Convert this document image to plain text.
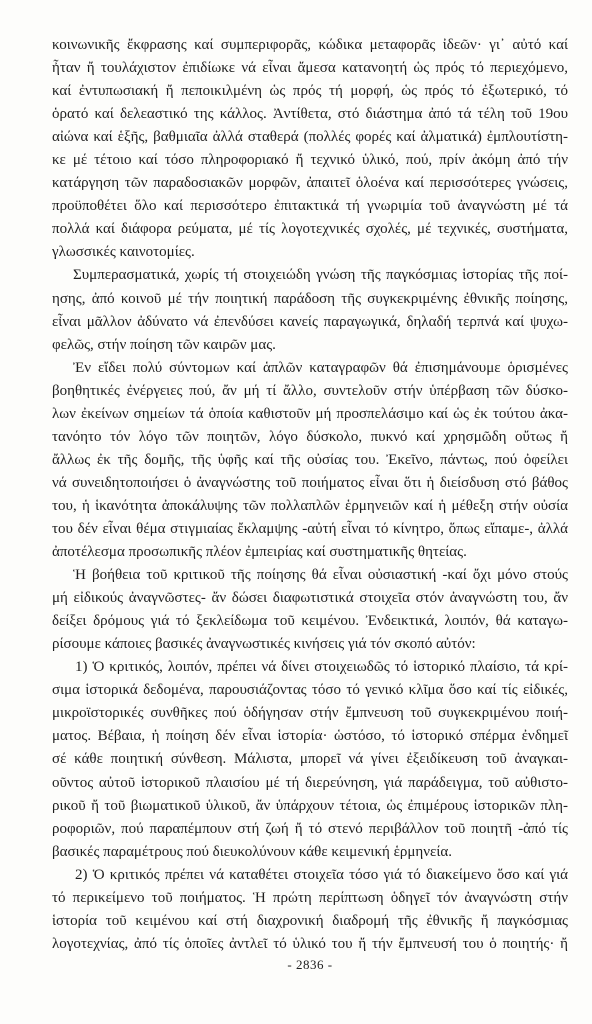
κοινωνικῆς ἔκφρασης καί συμπεριφορᾶς, κώδικα μεταφορᾶς ἰδεῶν· γι᾽ αὐτό καί
ἦταν ἤ τουλάχιστον ἐπιδίωκε νά εἶναι ἄμεσα κατανοητή ὡς πρός τό περιεχόμενο,
καί ἐντυπωσιακή ἤ πεποικιλμένη ὡς πρός τή μορφή, ὡς πρός τό ἐξωτερικό, τό
ὁρατό καί δελεαστικό της κάλλος. Ἀντίθετα, στό διάστημα ἀπό τά τέλη τοῦ 19ου
αἰώνα καί ἑξῆς, βαθμιαῖα ἀλλά σταθερά (πολλές φορές καί ἀλματικά) ἐμπλουτίστη-
κε μέ τέτοιο καί τόσο πληροφοριακό ἤ τεχνικό ὑλικό, πού, πρίν ἀκόμη ἀπό τήν
κατάργηση τῶν παραδοσιακῶν μορφῶν, ἀπαιτεῖ ὁλοένα καί περισσότερες γνώσεις,
προϋποθέτει ὅλο καί περισσότερο ἐπιτακτικά τή γνωριμία τοῦ ἀναγνώστη μέ τά
πολλά καί διάφορα ρεύματα, μέ τίς λογοτεχνικές σχολές, μέ τεχνικές, συστήματα,
γλωσσικές καινοτομίες.
Συμπερασματικά, χωρίς τή στοιχειώδη γνώση τῆς παγκόσμιας ἱστορίας τῆς ποί-
ησης, ἀπό κοινοῦ μέ τήν ποιητική παράδοση τῆς συγκεκριμένης ἐθνικῆς ποίησης,
εἶναι μᾶλλον ἀδύνατο νά ἐπενδύσει κανείς παραγωγικά, δηλαδή τερπνά καί ψυχω-
φελῶς, στήν ποίηση τῶν καιρῶν μας.
Ἐν εἴδει πολύ σύντομων καί ἁπλῶν καταγραφῶν θά ἐπισημάνουμε ὁρισμένες
βοηθητικές ἐνέργειες πού, ἄν μή τί ἄλλο, συντελοῦν στήν ὑπέρβαση τῶν δύσκο-
λων ἐκείνων σημείων τά ὁποία καθιστοῦν μή προσπελάσιμο καί ὡς ἐκ τούτου ἀκα-
τανόητο τόν λόγο τῶν ποιητῶν, λόγο δύσκολο, πυκνό καί χρησμῶδη οὔτως ἤ
ἄλλως ἐκ τῆς δομῆς, τῆς ὑφῆς καί τῆς οὐσίας του. Ἐκεῖνο, πάντως, πού ὀφείλει
νά συνειδητοποιήσει ὁ ἀναγνώστης τοῦ ποιήματος εἶναι ὅτι ἡ διείσδυση στό βάθος
του, ἡ ἱκανότητα ἀποκάλυψης τῶν πολλαπλῶν ἑρμηνειῶν καί ἡ μέθεξη στήν οὐσία
του δέν εἶναι θέμα στιγμιαίας ἔκλαμψης -αὐτή εἶναι τό κίνητρο, ὅπως εἴπαμε-, ἀλλά
ἀποτέλεσμα προσωπικῆς πλέον ἐμπειρίας καί συστηματικῆς θητείας.
Ἡ βοήθεια τοῦ κριτικοῦ τῆς ποίησης θά εἶναι οὐσιαστική -καί ὄχι μόνο στούς
μή εἰδικούς ἀναγνῶστες- ἄν δώσει διαφωτιστικά στοιχεῖα στόν ἀναγνώστη του, ἄν
δείξει δρόμους γιά τό ξεκλείδωμα τοῦ κειμένου. Ἐνδεικτικά, λοιπόν, θά καταγω-
ρίσουμε κάποιες βασικές ἀναγνωστικές κινήσεις γιά τόν σκοπό αὐτόν:
1) Ὁ κριτικός, λοιπόν, πρέπει νά δίνει στοιχειωδῶς τό ἱστορικό πλαίσιο, τά κρί-
σιμα ἱστορικά δεδομένα, παρουσιάζοντας τόσο τό γενικό κλῖμα ὅσο καί τίς εἰδικές,
μικροϊστορικές συνθῆκες πού ὁδήγησαν στήν ἔμπνευση τοῦ συγκεκριμένου ποιή-
ματος. Βέβαια, ἡ ποίηση δέν εἶναι ἱστορία· ὡστόσο, τό ἱστορικό σπέρμα ἐνδημεῖ
σέ κάθε ποιητική σύνθεση. Μάλιστα, μπορεῖ νά γίνει ἐξειδίκευση τοῦ ἀναγκαι-
οῦντος αὐτοῦ ἱστορικοῦ πλαισίου μέ τή διερεύνηση, γιά παράδειγμα, τοῦ αὐθιστο-
ρικοῦ ἤ τοῦ βιωματικοῦ ὑλικοῦ, ἄν ὑπάρχουν τέτοια, ὡς ἐπιμέρους ἱστορικῶν πλη-
ροφοριῶν, πού παραπέμπουν στή ζωή ἤ τό στενό περιβάλλον τοῦ ποιητῆ -ἀπό τίς
βασικές παραμέτρους πού διευκολύνουν κάθε κειμενική ἑρμηνεία.
2) Ὁ κριτικός πρέπει νά καταθέτει στοιχεῖα τόσο γιά τό διακείμενο ὅσο καί γιά
τό περικείμενο τοῦ ποιήματος. Ἡ πρώτη περίπτωση ὁδηγεῖ τόν ἀναγνώστη στήν
ἱστορία τοῦ κειμένου καί στή διαχρονική διαδρομή τῆς ἐθνικῆς ἤ παγκόσμιας
λογοτεχνίας, ἀπό τίς ὁποῖες ἀντλεῖ τό ὑλικό του ἤ τήν ἔμπνευσή του ὁ ποιητής· ἤ
- 2836 -
